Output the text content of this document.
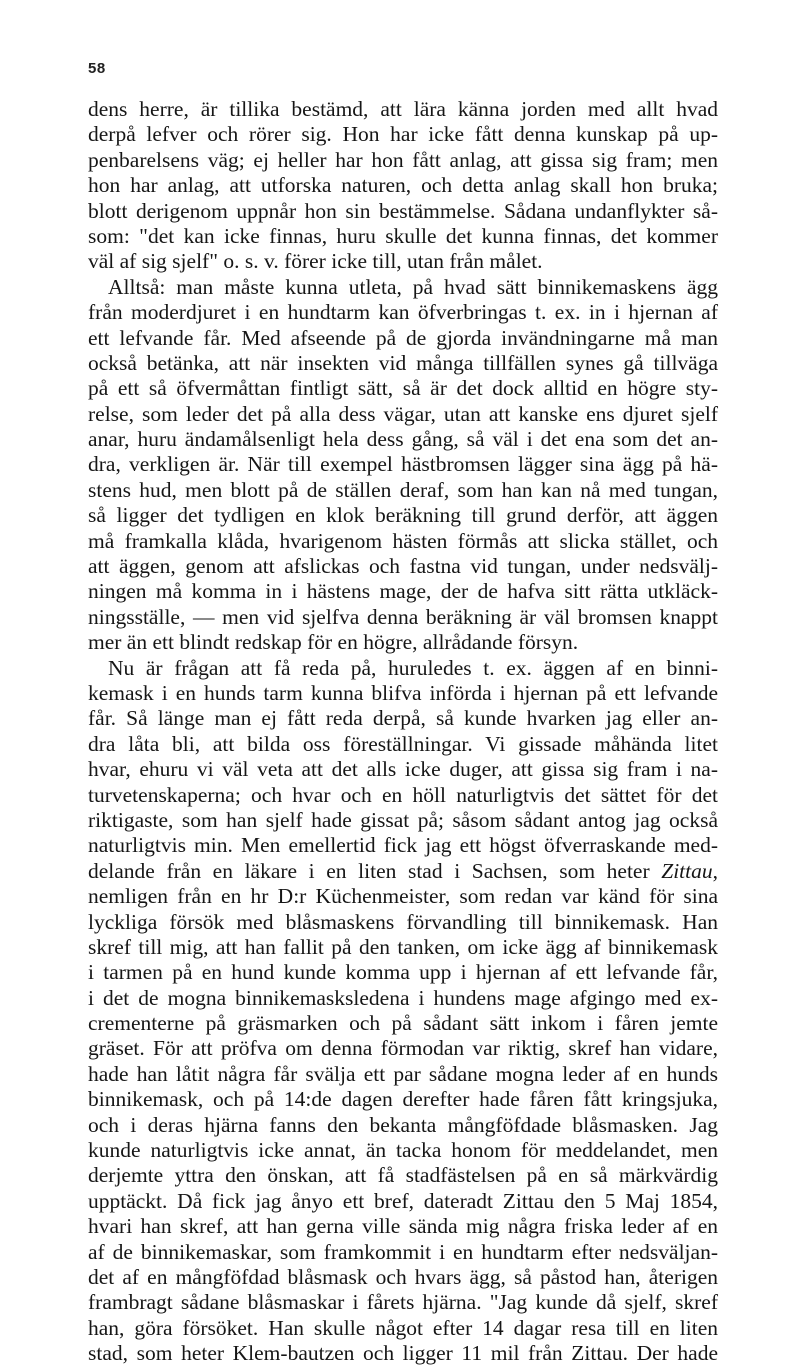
58
dens herre, är tillika bestämd, att lära känna jorden med allt hvad
derpå lefver och rörer sig. Hon har icke fått denna kunskap på up-
penbarelsens väg; ej heller har hon fått anlag, att gissa sig fram; men
hon har anlag, att utforska naturen, och detta anlag skall hon bruka;
blott derigenom uppnår hon sin bestämmelse. Sådana undanflykter så-
som: "det kan icke finnas, huru skulle det kunna finnas, det kommer
väl af sig sjelf" o. s. v. förer icke till, utan från målet.
Alltså: man måste kunna utleta, på hvad sätt binnikemaskens ägg
från moderdjuret i en hundtarm kan öfverbringas t. ex. in i hjernan af
ett lefvande får. Med afseende på de gjorda invändningarne må man
också betänka, att när insekten vid många tillfällen synes gå tillväga
på ett så öfvermåttan fintligt sätt, så är det dock alltid en högre sty-
relse, som leder det på alla dess vägar, utan att kanske ens djuret sjelf
anar, huru ändamålsenligt hela dess gång, så väl i det ena som det an-
dra, verkligen är. När till exempel hästbromsen lägger sina ägg på hä-
stens hud, men blott på de ställen deraf, som han kan nå med tungan,
så ligger det tydligen en klok beräkning till grund derför, att äggen
må framkalla klåda, hvarigenom hästen förmås att slicka stället, och
att äggen, genom att afslickas och fastna vid tungan, under nedsvälj-
ningen må komma in i hästens mage, der de hafva sitt rätta utkläck-
ningsställe, — men vid sjelfva denna beräkning är väl bromsen knappt
mer än ett blindt redskap för en högre, allrådande försyn.
Nu är frågan att få reda på, huruledes t. ex. äggen af en binni-
kemask i en hunds tarm kunna blifva införda i hjernan på ett lefvande
får. Så länge man ej fått reda derpå, så kunde hvarken jag eller an-
dra låta bli, att bilda oss föreställningar. Vi gissade måhända litet
hvar, ehuru vi väl veta att det alls icke duger, att gissa sig fram i na-
turvetenskaperna; och hvar och en höll naturligtvis det sättet för det
riktigaste, som han sjelf hade gissat på; såsom sådant antog jag också
naturligtvis min. Men emellertid fick jag ett högst öfverraskande med-
delande från en läkare i en liten stad i Sachsen, som heter Zittau,
nemligen från en hr D:r Küchenmeister, som redan var känd för sina
lyckliga försök med blåsmaskens förvandling till binnikemask. Han
skref till mig, att han fallit på den tanken, om icke ägg af binnikemask
i tarmen på en hund kunde komma upp i hjernan af ett lefvande får,
i det de mogna binnikemasksledena i hundens mage afgingo med ex-
crementerne på gräsmarken och på sådant sätt inkom i fåren jemte
gräset. För att pröfva om denna förmodan var riktig, skref han vidare,
hade han låtit några får svälja ett par sådane mogna leder af en hunds
binnikemask, och på 14:de dagen derefter hade fåren fått kringsjuka,
och i deras hjärna fanns den bekanta mångföfdade blåsmasken. Jag
kunde naturligtvis icke annat, än tacka honom för meddelandet, men
derjemte yttra den önskan, att få stadfästelsen på en så märkvärdig
upptäckt. Då fick jag ånyo ett bref, dateradt Zittau den 5 Maj 1854,
hvari han skref, att han gerna ville sända mig några friska leder af en
af de binnikemaskar, som framkommit i en hundtarm efter nedsväljan-
det af en mångföfdad blåsmask och hvars ägg, så påstod han, återigen
frambragt sådane blåsmaskar i fårets hjärna. "Jag kunde då sjelf, skref
han, göra försöket. Han skulle något efter 14 dagar resa till en liten
stad, som heter Klem-bautzen och ligger 11 mil från Zittau. Der hade
